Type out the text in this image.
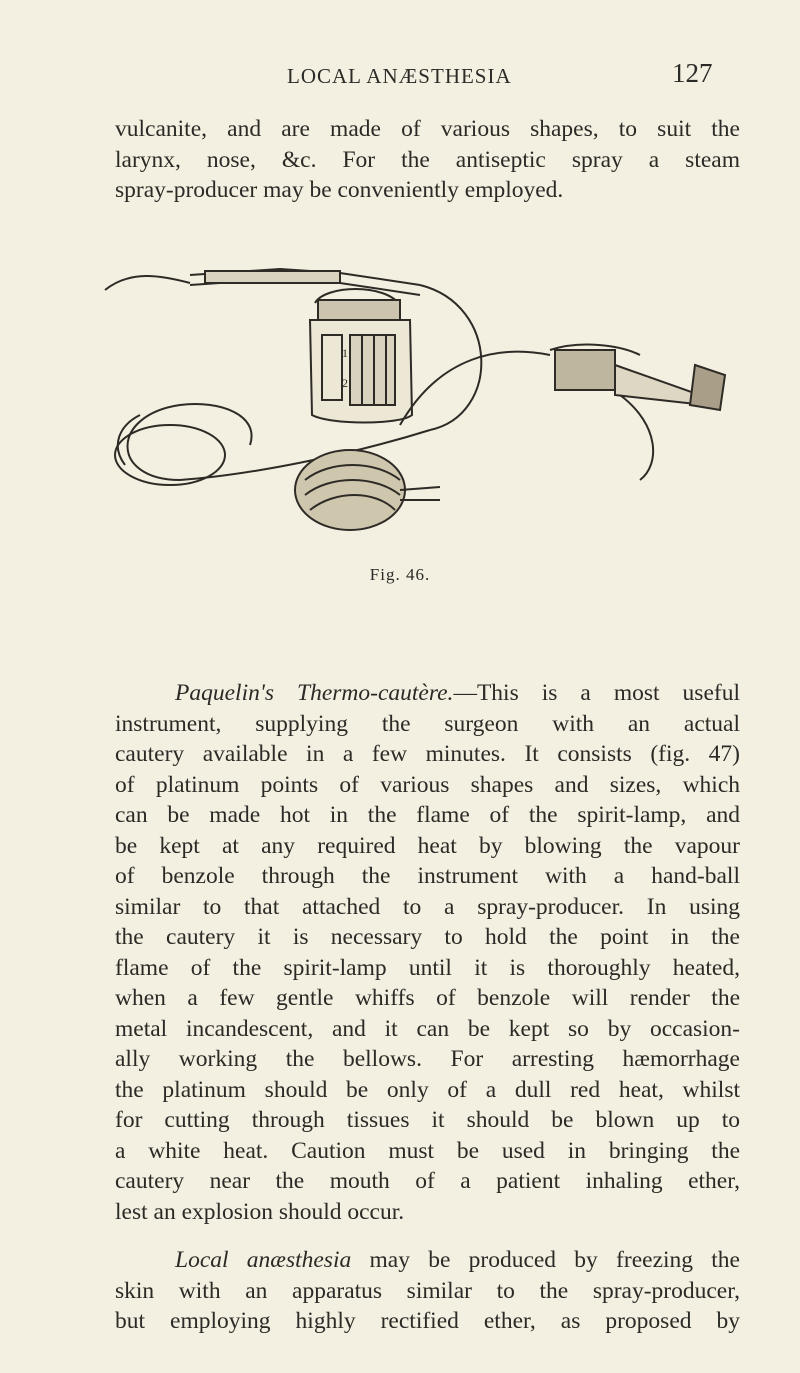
LOCAL ANÆSTHESIA	127
vulcanite, and are made of various shapes, to suit the
larynx, nose, &c. For the antiseptic spray a steam
spray-producer may be conveniently employed.
1
2
Fig. 46.
Paquelin's Thermo-cautère.—This is a most useful
instrument, supplying the surgeon with an actual
cautery available in a few minutes. It consists (fig. 47)
of platinum points of various shapes and sizes, which
can be made hot in the flame of the spirit-lamp, and
be kept at any required heat by blowing the vapour
of benzole through the instrument with a hand-ball
similar to that attached to a spray-producer. In using
the cautery it is necessary to hold the point in the
flame of the spirit-lamp until it is thoroughly heated,
when a few gentle whiffs of benzole will render the
metal incandescent, and it can be kept so by occasion-
ally working the bellows. For arresting hæmorrhage
the platinum should be only of a dull red heat, whilst
for cutting through tissues it should be blown up to
a white heat. Caution must be used in bringing the
cautery near the mouth of a patient inhaling ether,
lest an explosion should occur.
Local anæsthesia may be produced by freezing the
skin with an apparatus similar to the spray-producer,
but employing highly rectified ether, as proposed by
